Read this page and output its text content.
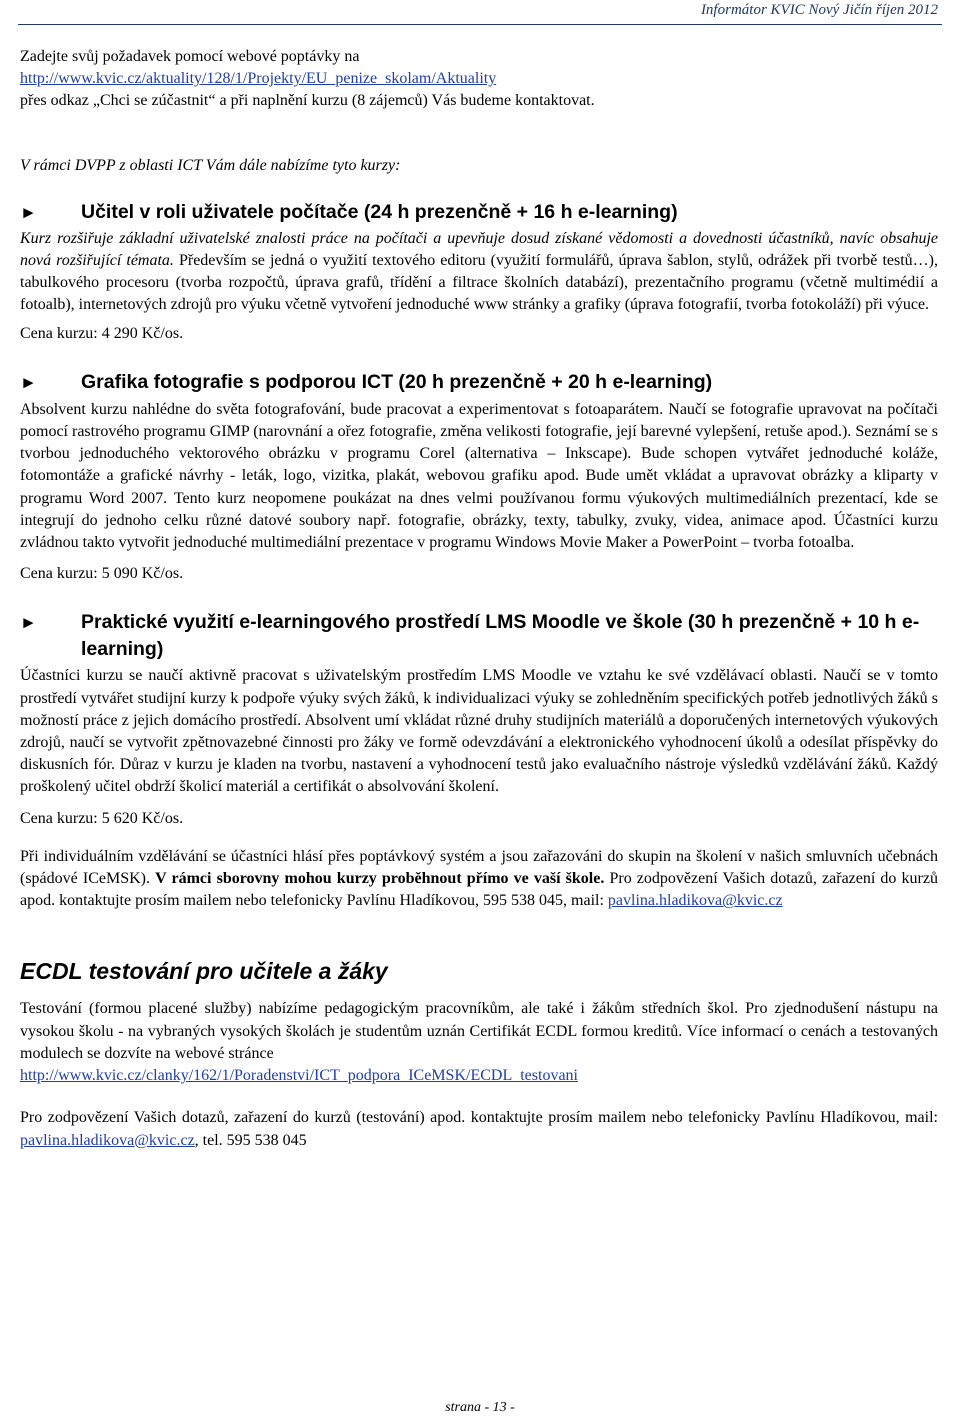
Informátor KVIC Nový Jičín říjen 2012

Zadejte svůj požadavek pomocí webové poptávky na

http://www.kvic.cz/aktuality/128/1/Projekty/EU_penize_skolam/Aktuality

přes odkaz „Chci se zúčastnit“ a při naplnění kurzu (8 zájemců) Vás budeme kontaktovat.

V rámci DVPP z oblasti ICT Vám dále nabízíme tyto kurzy:

►	Učitel v roli uživatele počítače (24 h prezenčně + 16 h e-learning)

Kurz rozšiřuje základní uživatelské znalosti práce na počítači a upevňuje dosud získané vědomosti a dovednosti účastníků, navíc obsahuje nová rozšiřující témata. Především se jedná o využití textového editoru (využití formulářů, úprava šablon, stylů, odrážek při tvorbě testů…), tabulkového procesoru (tvorba rozpočtů, úprava grafů, třídění a filtrace školních databází), prezentačního programu (včetně multimédií a fotoalb), internetových zdrojů pro výuku včetně vytvoření jednoduché www stránky a grafiky (úprava fotografií, tvorba fotokoláží) při výuce.

Cena kurzu: 4 290 Kč/os.

►	Grafika fotografie s podporou ICT (20 h prezenčně + 20 h e-learning)

Absolvent kurzu nahlédne do světa fotografování, bude pracovat a experimentovat s fotoaparátem. Naučí se fotografie upravovat na počítači pomocí rastrového programu GIMP (narovnání a ořez fotografie, změna velikosti fotografie, její barevné vylepšení, retuše apod.). Seznámí se s tvorbou jednoduchého vektorového obrázku v programu Corel (alternativa – Inkscape). Bude schopen vytvářet jednoduché koláže, fotomontáže a grafické návrhy - leták, logo, vizitka, plakát, webovou grafiku apod. Bude umět vkládat a upravovat obrázky a kliparty v programu Word 2007. Tento kurz neopomene poukázat na dnes velmi používanou formu výukových multimediálních prezentací, kde se integrují do jednoho celku různé datové soubory např. fotografie, obrázky, texty, tabulky, zvuky, videa, animace apod. Účastníci kurzu zvládnou takto vytvořit jednoduché multimediální prezentace v programu Windows Movie Maker a PowerPoint – tvorba fotoalba.

Cena kurzu: 5 090 Kč/os.

►	Praktické využití e-learningového prostředí LMS Moodle ve škole (30 h prezenčně + 10 h e-learning)

Účastníci kurzu se naučí aktivně pracovat s uživatelským prostředím LMS Moodle ve vztahu ke své vzdělávací oblasti. Naučí se v tomto prostředí vytvářet studijní kurzy k podpoře výuky svých žáků, k individualizaci výuky se zohledněním specifických potřeb jednotlivých žáků s možností práce z jejich domácího prostředí. Absolvent umí vkládat různé druhy studijních materiálů a doporučených internetových výukových zdrojů, naučí se vytvořit zpětnovazebné činnosti pro žáky ve formě odevzdávání a elektronického vyhodnocení úkolů a odesílat příspěvky do diskusních fór. Důraz v kurzu je kladen na tvorbu, nastavení a vyhodnocení testů jako evaluačního nástroje výsledků vzdělávání žáků. Každý proškolený učitel obdrží školicí materiál a certifikát o absolvování školení.

Cena kurzu: 5 620 Kč/os.

Při individuálním vzdělávání se účastníci hlásí přes poptávkový systém a jsou zařazováni do skupin na školení v našich smluvních učebnách (spádové ICeMSK). V rámci sborovny mohou kurzy proběhnout přímo ve vaší škole. Pro zodpovězení Vašich dotazů, zařazení do kurzů apod. kontaktujte prosím mailem nebo telefonicky Pavlínu Hladíkovou, 595 538 045, mail: pavlina.hladikova@kvic.cz

ECDL testování pro učitele a žáky

Testování (formou placené služby) nabízíme pedagogickým pracovníkům, ale také i žákům středních škol. Pro zjednodušení nástupu na vysokou školu - na vybraných vysokých školách je studentům uznán Certifikát ECDL formou kreditů. Více informací o cenách a testovaných modulech se dozvíte na webové stránce

http://www.kvic.cz/clanky/162/1/Poradenstvi/ICT_podpora_ICeMSK/ECDL_testovani

Pro zodpovězení Vašich dotazů, zařazení do kurzů (testování) apod. kontaktujte prosím mailem nebo telefonicky Pavlínu Hladíkovou, mail: pavlina.hladikova@kvic.cz, tel. 595 538 045

strana - 13 -
